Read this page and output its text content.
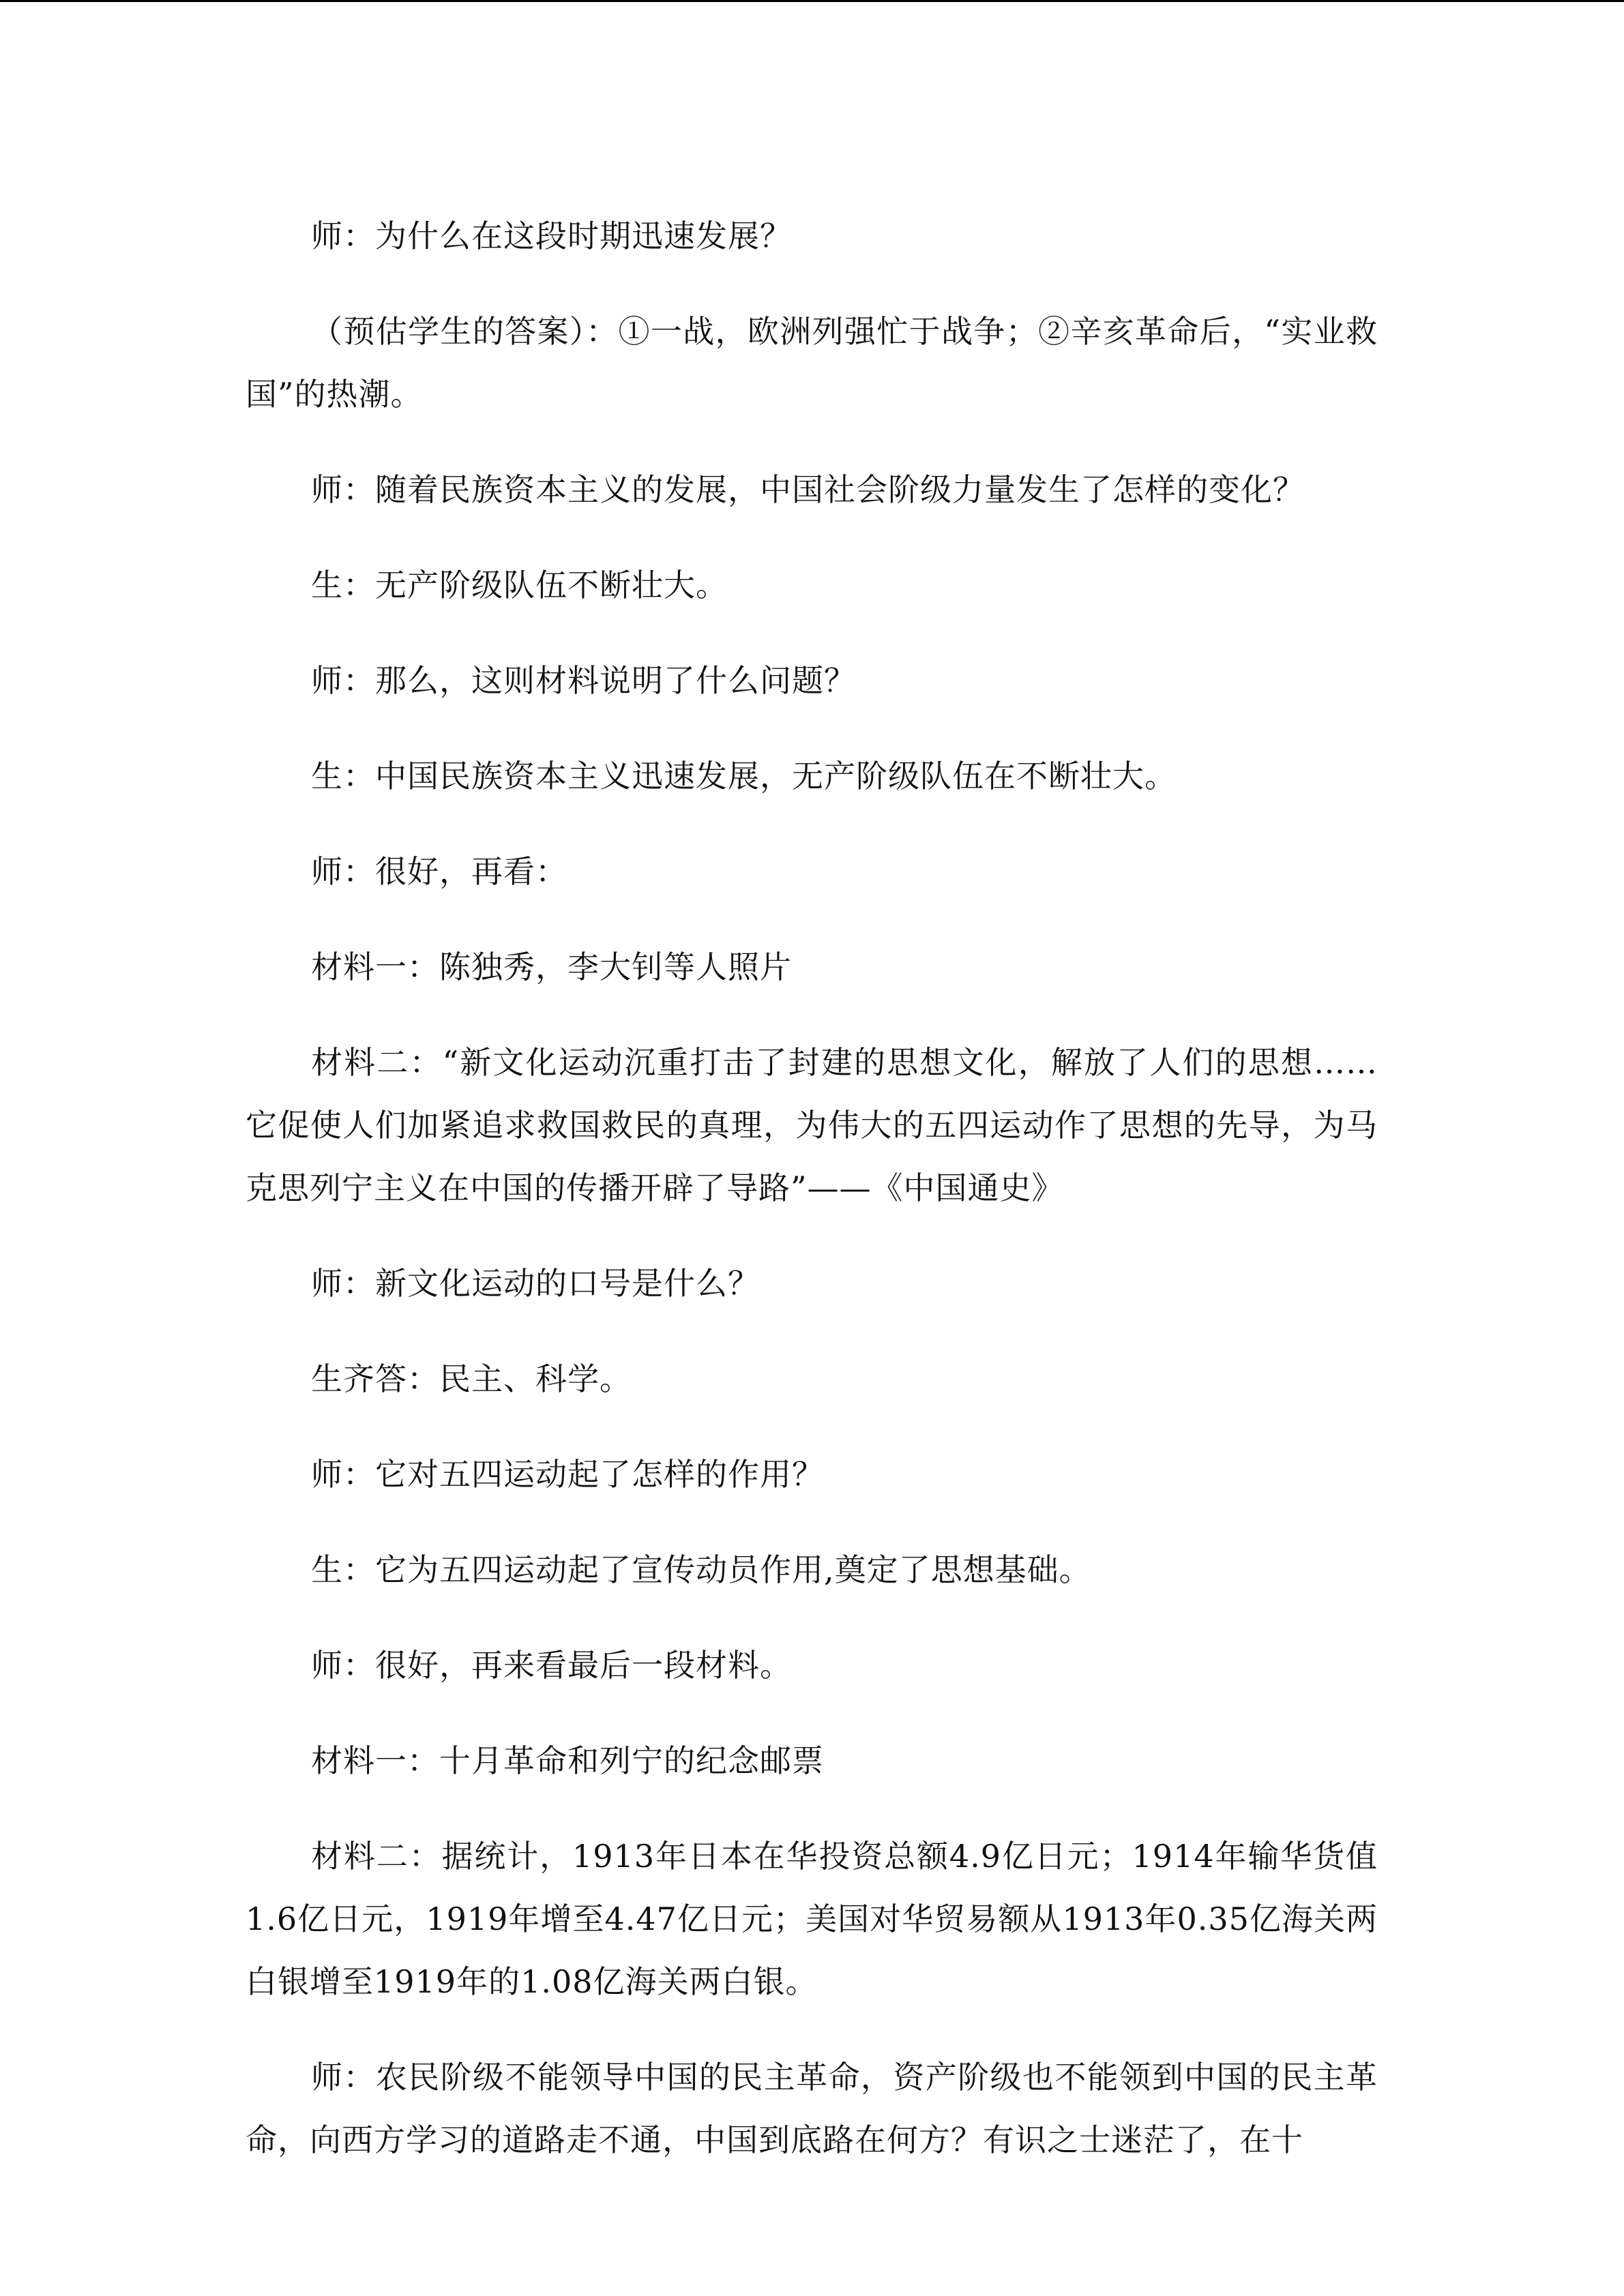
师：为什么在这段时期迅速发展？

（预估学生的答案）：①一战，欧洲列强忙于战争；②辛亥革命后，“实业救国”的热潮。

师：随着民族资本主义的发展，中国社会阶级力量发生了怎样的变化？

生：无产阶级队伍不断壮大。

师：那么，这则材料说明了什么问题？

生：中国民族资本主义迅速发展，无产阶级队伍在不断壮大。

师：很好，再看：

材料一：陈独秀，李大钊等人照片

材料二：“新文化运动沉重打击了封建的思想文化，解放了人们的思想……它促使人们加紧追求救国救民的真理，为伟大的五四运动作了思想的先导，为马克思列宁主义在中国的传播开辟了导路”——《中国通史》

师：新文化运动的口号是什么？

生齐答：民主、科学。

师：它对五四运动起了怎样的作用？

生：它为五四运动起了宣传动员作用,奠定了思想基础。

师：很好，再来看最后一段材料。

材料一：十月革命和列宁的纪念邮票

材料二：据统计，1913年日本在华投资总额4.9亿日元；1914年输华货值1.6亿日元，1919年增至4.47亿日元；美国对华贸易额从1913年0.35亿海关两白银增至1919年的1.08亿海关两白银。

师：农民阶级不能领导中国的民主革命，资产阶级也不能领到中国的民主革命，向西方学习的道路走不通，中国到底路在何方？有识之士迷茫了，在十
